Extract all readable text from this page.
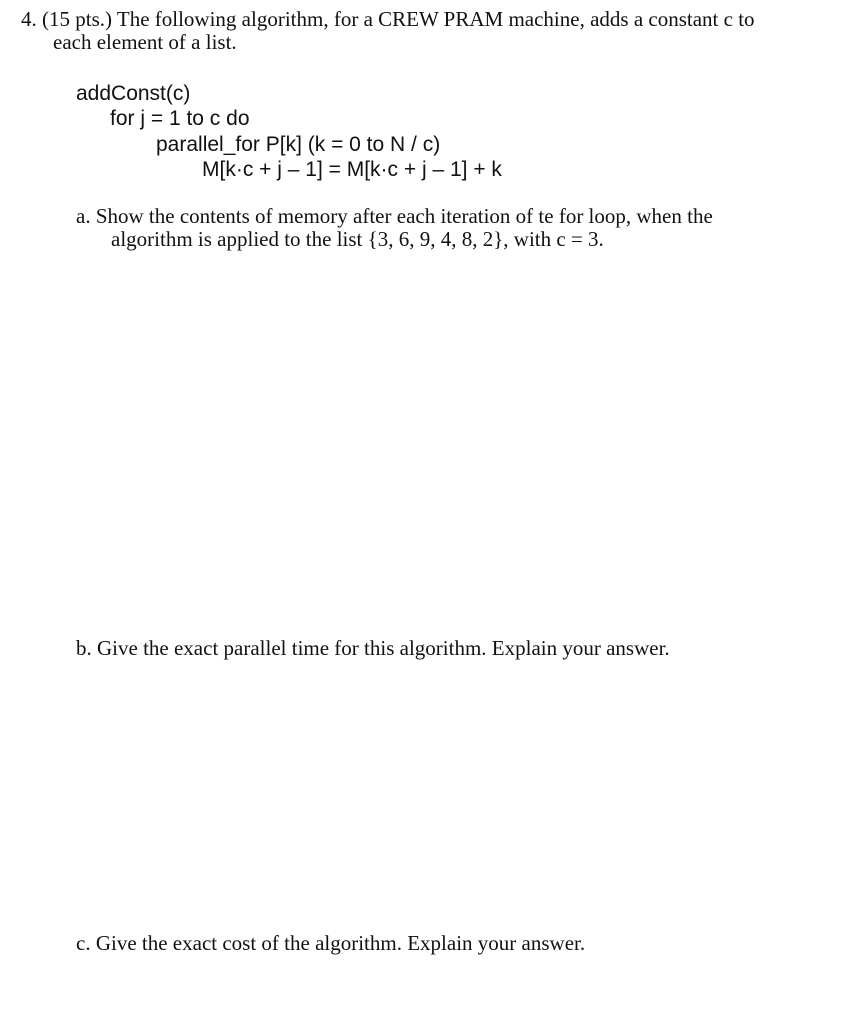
4. (15 pts.) The following algorithm, for a CREW PRAM machine, adds a constant c to
each element of a list.
addConst(c)
for j = 1 to c do
parallel_for P[k] (k = 0 to N / c)
M[k·c + j – 1] = M[k·c + j – 1] + k
a. Show the contents of memory after each iteration of te for loop, when the
algorithm is applied to the list {3, 6, 9, 4, 8, 2}, with c = 3.
b. Give the exact parallel time for this algorithm. Explain your answer.
c. Give the exact cost of the algorithm. Explain your answer.
